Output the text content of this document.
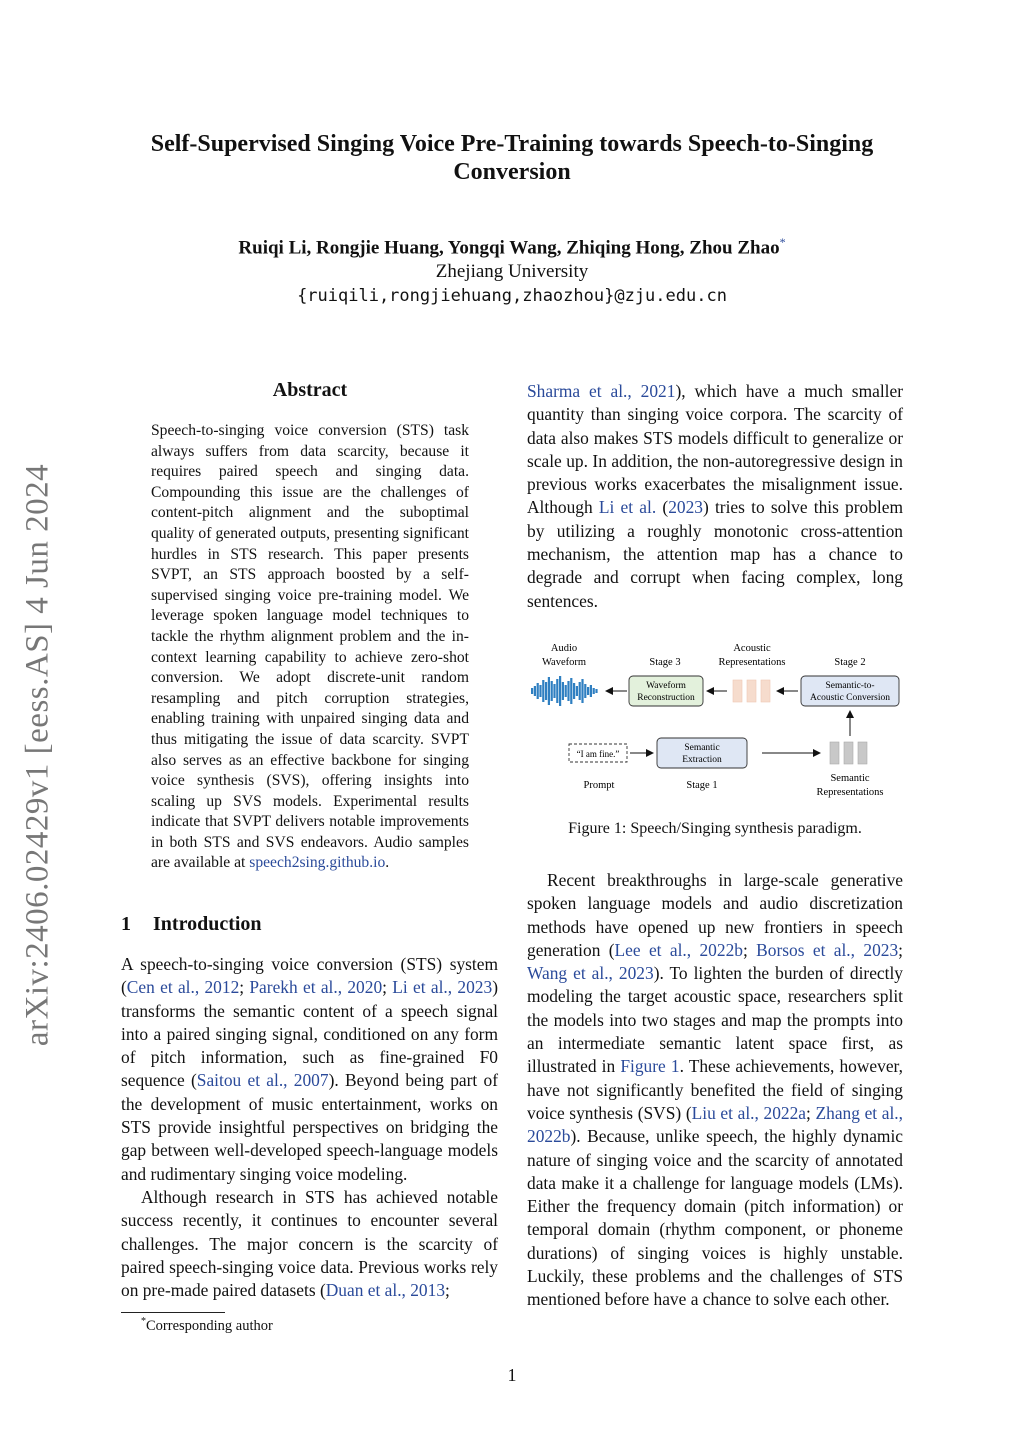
arXiv:2406.02429v1 [eess.AS] 4 Jun 2024
Self-Supervised Singing Voice Pre-Training towards Speech-to-Singing
Conversion
Ruiqi Li, Rongjie Huang, Yongqi Wang, Zhiqing Hong, Zhou Zhao*
Zhejiang University
{ruiqili,rongjiehuang,zhaozhou}@zju.edu.cn
Abstract
Speech-to-singing voice conversion (STS) task always suffers from data scarcity, because it requires paired speech and singing data. Compounding this issue are the challenges of content-pitch alignment and the suboptimal quality of generated outputs, presenting significant hurdles in STS research. This paper presents SVPT, an STS approach boosted by a self-supervised singing voice pre-training model. We leverage spoken language model techniques to tackle the rhythm alignment problem and the in-context learning capability to achieve zero-shot conversion. We adopt discrete-unit random resampling and pitch corruption strategies, enabling training with unpaired singing data and thus mitigating the issue of data scarcity. SVPT also serves as an effective backbone for singing voice synthesis (SVS), offering insights into scaling up SVS models. Experimental results indicate that SVPT delivers notable improvements in both STS and SVS endeavors. Audio samples are available at speech2sing.github.io.
1 Introduction

A speech-to-singing voice conversion (STS) system (Cen et al., 2012; Parekh et al., 2020; Li et al., 2023) transforms the semantic content of a speech signal into a paired singing signal, conditioned on any form of pitch information, such as fine-grained F0 sequence (Saitou et al., 2007). Beyond being part of the development of music entertainment, works on STS provide insightful perspectives on bridging the gap between well-developed speech-language models and rudimentary singing voice modeling.

Although research in STS has achieved notable success recently, it continues to encounter several challenges. The major concern is the scarcity of paired speech-singing voice data. Previous works rely on pre-made paired datasets (Duan et al., 2013;

*Corresponding author

Sharma et al., 2021), which have a much smaller quantity than singing voice corpora. The scarcity of data also makes STS models difficult to generalize or scale up. In addition, the non-autoregressive design in previous works exacerbates the misalignment issue. Although Li et al. (2023) tries to solve this problem by utilizing a roughly monotonic cross-attention mechanism, the attention map has a chance to degrade and corrupt when facing complex, long sentences.

Audio
Waveform	Stage 3
Acoustic
Representations	Stage 2
Waveform
Reconstruction
Semantic-to-
Acoustic Conversion
“I am fine.”
Semantic
Extraction
Prompt	Stage 1
Semantic
Representations
Figure 1: Speech/Singing synthesis paradigm.

Recent breakthroughs in large-scale generative spoken language models and audio discretization methods have opened up new frontiers in speech generation (Lee et al., 2022b; Borsos et al., 2023; Wang et al., 2023). To lighten the burden of directly modeling the target acoustic space, researchers split the models into two stages and map the prompts into an intermediate semantic latent space first, as illustrated in Figure 1. These achievements, however, have not significantly benefited the field of singing voice synthesis (SVS) (Liu et al., 2022a; Zhang et al., 2022b). Because, unlike speech, the highly dynamic nature of singing voice and the scarcity of annotated data make it a challenge for language models (LMs). Either the frequency domain (pitch information) or temporal domain (rhythm component, or phoneme durations) of singing voices is highly unstable. Luckily, these problems and the challenges of STS mentioned before have a chance to solve each other.

1
